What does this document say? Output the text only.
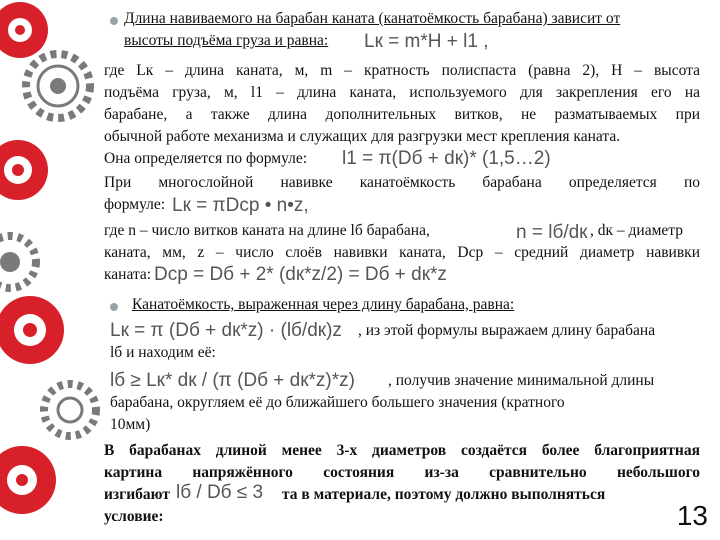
Длина навиваемого на барабан каната (канатоёмкость барабана) зависит от
высоты подъёма груза и равна: Lк = m*H + l1 ,
где Lк – длина каната, м, m – кратность полиспаста (равна 2), H – высота
подъёма груза, м, l1 – длина каната, используемого для закрепления его на
барабане, а также длина дополнительных витков, не разматываемых при
обычной работе механизма и служащих для разгрузки мест крепления каната.
Она определяется по формуле: l1 = π(Dб + dк)* (1,5…2)
При многослойной навивке канатоёмкость барабана определяется по
формуле: Lк = πDср • n•z,
где n – число витков каната на длине lб барабана,	n = lб/dк , dк – диаметр
каната, мм, z – число слоёв навивки каната, Dср – средний диаметр навивки
каната: Dср = Dб + 2* (dк*z/2) = Dб + dк*z
Канатоёмкость, выраженная через длину барабана, равна:
Lк = π (Dб + dк*z) · (lб/dк)z , из этой формулы выражаем длину барабана
lб и находим её:
lб ≥ Lк* dк / (π (Dб + dк*z)*z) , получив значение минимальной длины
барабана, округляем её до ближайшего большего значения (кратного
10мм)
В барабанах длиной менее 3-х диаметров создаётся более благоприятная
картина напряжённого состояния из-за сравнительно небольшого
изгибают lб / Dб ≤ 3 та в материале, поэтому должно выполняться
условие:	13
